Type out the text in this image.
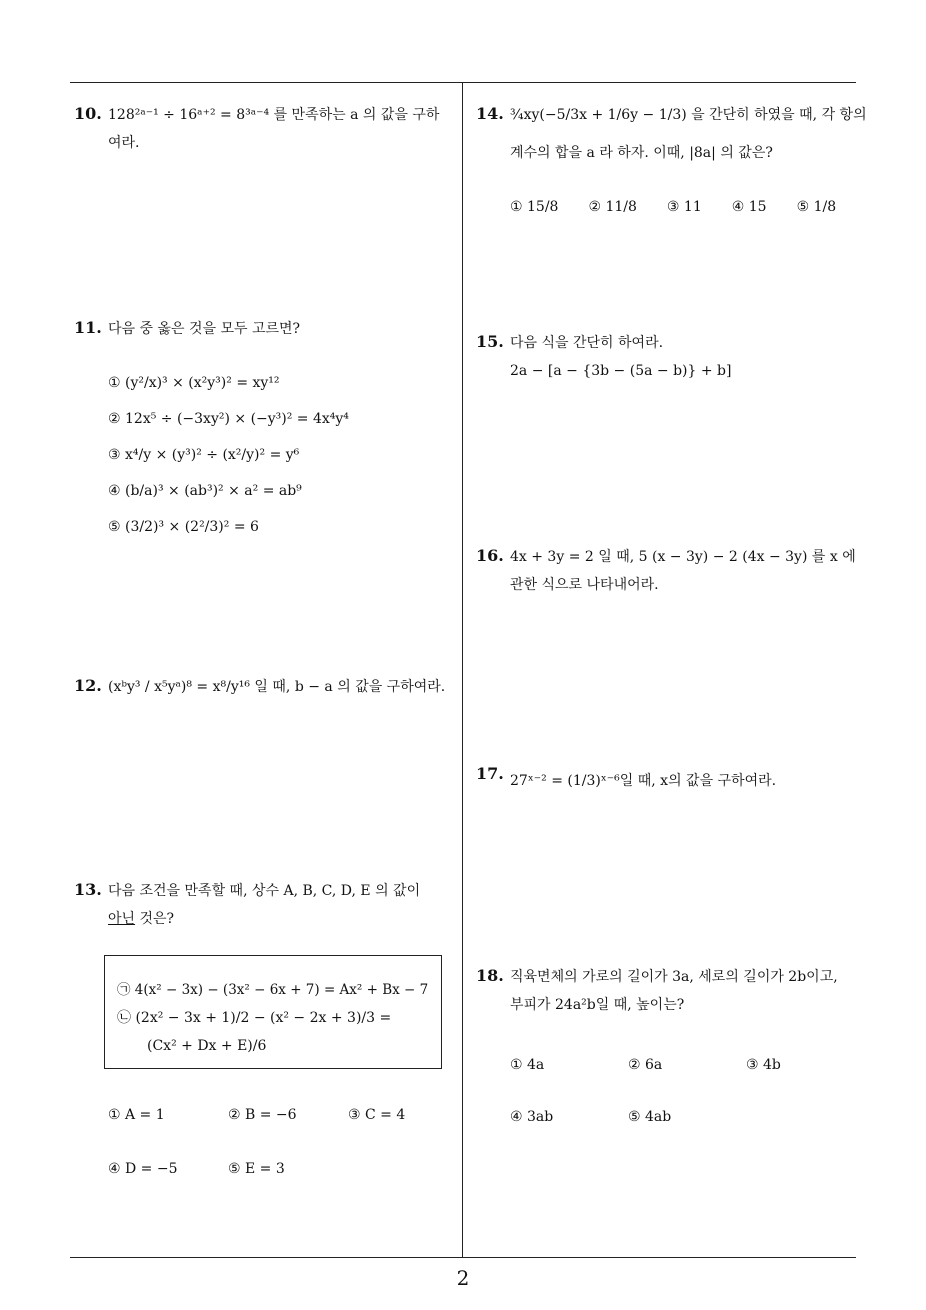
10. 128²ᵃ⁻¹ ÷ 16ᵃ⁺² = 8³ᵃ⁻⁴ 를 만족하는 a 의 값을 구하
여라.
11. 다음 중 옳은 것을 모두 고르면?
① (y²/x)³ × (x²y³)² = xy¹²
② 12x⁵ ÷ (−3xy²) × (−y³)² = 4x⁴y⁴
③ x⁴/y × (y³)² ÷ (x²/y)² = y⁶
④ (b/a)³ × (ab³)² × a² = ab⁹
⑤ (3/2)³ × (2²/3)² = 6
12. (xᵇy³ / x⁵yᵃ)⁸ = x⁸/y¹⁶ 일 때, b − a 의 값을 구하여라.
13. 다음 조건을 만족할 때, 상수 A, B, C, D, E 의 값이
아닌 것은?
㉠ 4(x² − 3x) − (3x² − 6x + 7) = Ax² + Bx − 7
㉡ (2x² − 3x + 1)/2 − (x² − 2x + 3)/3 =
(Cx² + Dx + E)/6
① A = 1	② B = −6	③ C = 4
④ D = −5	⑤ E = 3
14. ¾xy(−5/3x + 1/6y − 1/3) 을 간단히 하였을 때, 각 항의
계수의 합을 a 라 하자. 이때, |8a| 의 값은?
① 15/8 ② 11/8 ③ 11 ④ 15 ⑤ 1/8
15. 다음 식을 간단히 하여라.
2a − [a − {3b − (5a − b)} + b]
16. 4x + 3y = 2 일 때, 5 (x − 3y) − 2 (4x − 3y) 를 x 에
관한 식으로 나타내어라.
17. 27ˣ⁻² = (1/3)ˣ⁻⁶일 때, x의 값을 구하여라.
18. 직육면체의 가로의 길이가 3a, 세로의 길이가 2b이고,
부피가 24a²b일 때, 높이는?
① 4a	② 6a	③ 4b
④ 3ab	⑤ 4ab
2
